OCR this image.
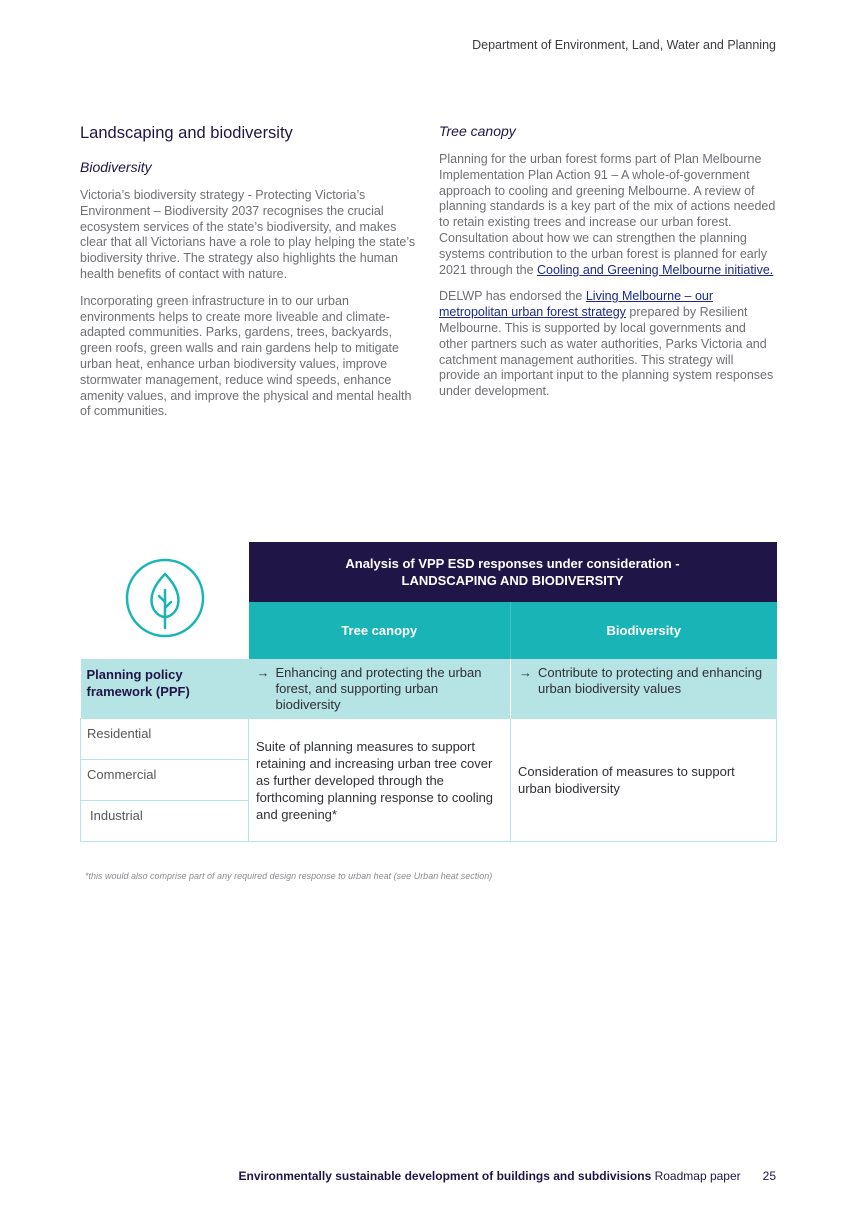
Department of Environment, Land, Water and Planning
Landscaping and biodiversity
Biodiversity

Victoria’s biodiversity strategy - Protecting Victoria’s Environment – Biodiversity 2037 recognises the crucial ecosystem services of the state’s biodiversity, and makes clear that all Victorians have a role to play helping the state’s biodiversity thrive. The strategy also highlights the human health benefits of contact with nature.

Incorporating green infrastructure in to our urban environments helps to create more liveable and climate-adapted communities. Parks, gardens, trees, backyards, green roofs, green walls and rain gardens help to mitigate urban heat, enhance urban biodiversity values, improve stormwater management, reduce wind speeds, enhance amenity values, and improve the physical and mental health of communities.

Tree canopy

Planning for the urban forest forms part of Plan Melbourne Implementation Plan Action 91 – A whole-of-government approach to cooling and greening Melbourne. A review of planning standards is a key part of the mix of actions needed to retain existing trees and increase our urban forest. Consultation about how we can strengthen the planning systems contribution to the urban forest is planned for early 2021 through the Cooling and Greening Melbourne initiative.

DELWP has endorsed the Living Melbourne – our metropolitan urban forest strategy prepared by Resilient Melbourne. This is supported by local governments and other partners such as water authorities, Parks Victoria and catchment management authorities. This strategy will provide an important input to the planning system responses under development.

Analysis of VPP ESD responses under consideration -
LANDSCAPING AND BIODIVERSITY	

	Tree canopy	Biodiversity
Planning policy framework (PPF)	→ Enhancing and protecting the urban forest, and supporting urban biodiversity	→ Contribute to protecting and enhancing urban biodiversity values

Residential	Suite of planning measures to support retaining and increasing urban tree cover as further developed through the forthcoming planning response to cooling and greening*	Consideration of measures to support urban biodiversity
Commercial		
Industrial		
*this would also comprise part of any required design response to urban heat (see Urban heat section)
Environmentally sustainable development of buildings and subdivisions Roadmap paper 25
